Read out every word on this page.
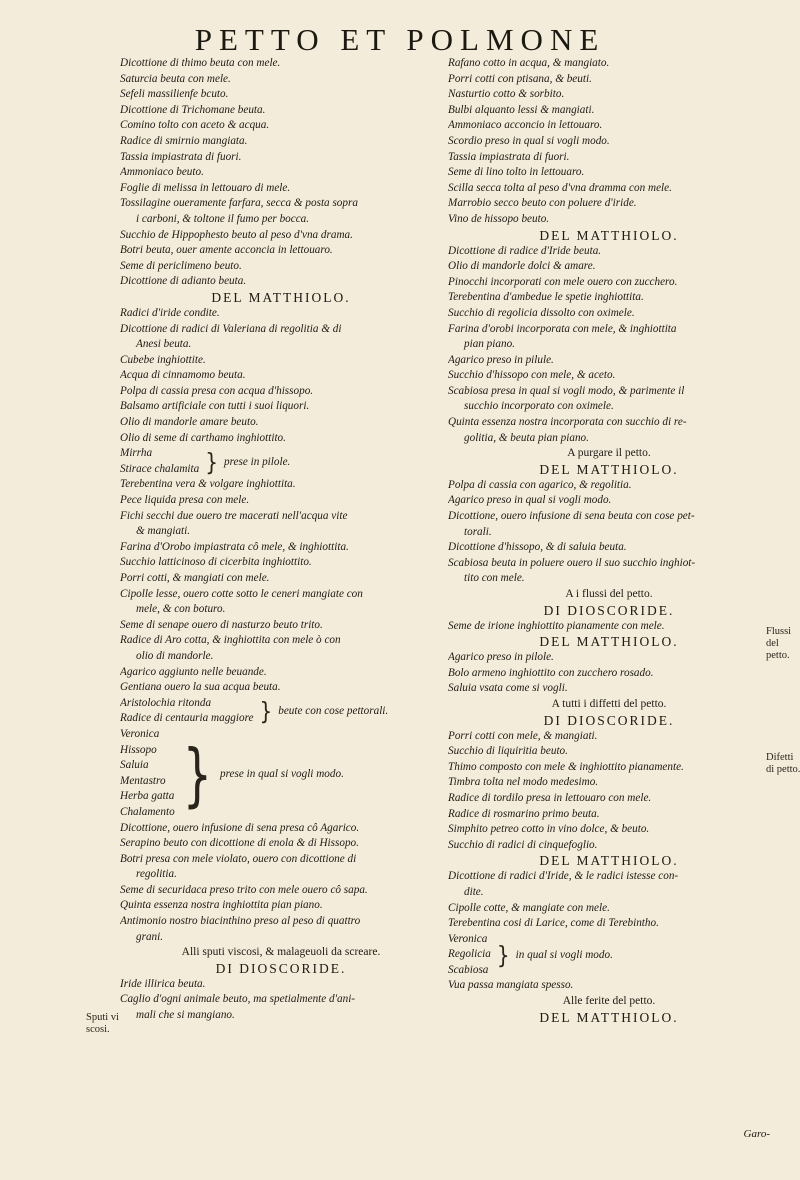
PETTO ET POLMONE
Dicottione di thimo beuta con mele.
Saturcia beuta con mele.
Sefeli massilienfe bcuto.
Dicottione di Trichomane beuta.
Comino tolto con aceto & acqua.
Radice di smirnio mangiata.
Tassia impiastrata di fuori.
Ammoniaco beuto.
Foglie di melissa in lettouaro di mele.
Tossilagine oueramente farfara, secca & posta sopra
i carboni, & toltone il fumo per bocca.
Succhio de Hippophesto beuto al peso d'vna drama.
Botri beuta, ouer amente acconcia in lettouaro.
Seme di periclimeno beuto.
Dicottione di adianto beuta.
DEL MATTHIOLO.
Radici d'iride condite.
Dicottione di radici di Valeriana di regolitia & di
Anesi beuta.
Cubebe inghiottite.
Acqua di cinnamomo beuta.
Polpa di cassia presa con acqua d'hissopo.
Balsamo artificiale con tutti i suoi liquori.
Olio di mandorle amare beuto.
Olio di seme di carthamo inghiottito.
Mirrha
Stirace chalamita } prese in pilole.
Terebentina vera & volgare inghiottita.
Pece liquida presa con mele.
Fichi secchi due ouero tre macerati nell'acqua vite
& mangiati.
Farina d'Orobo impiastrata cô mele, & inghiottita.
Succhio latticinoso di cicerbita inghiottito.
Porri cotti, & mangiati con mele.
Cipolle lesse, ouero cotte sotto le ceneri mangiate con
mele, & con boturo.
Seme di senape ouero di nasturzo beuto trito.
Radice di Aro cotta, & inghiottita con mele ò con
olio di mandorle.
Agarico aggiunto nelle beuande.
Gentiana ouero la sua acqua beuta.
Aristolochia ritonda
Radice di centauria maggiore } beute con cose pettorali.
Veronica
Hissopo
Saluia
Mentastro
Herba gatta
Chalamento } prese in qual si vogli modo.
Dicottione, ouero infusione di sena presa cô Agarico.
Serapino beuto con dicottione di enola & di Hissopo.
Botri presa con mele violato, ouero con dicottione di
regolitia.
Seme di securidaca preso trito con mele ouero cô sapa.
Quinta essenza nostra inghiottita pian piano.
Antimonio nostro biacinthino preso al peso di quattro
grani.
Alli sputi viscosi, & malageuoli da screare.
DI DIOSCORIDE.
Iride illirica beuta.
Caglio d'ogni animale beuto, ma spetialmente d'ani-
mali che si mangiano.
Rafano cotto in acqua, & mangiato.
Porri cotti con ptisana, & beuti.
Nasturtio cotto & sorbito.
Bulbi alquanto lessi & mangiati.
Ammoniaco acconcio in lettouaro.
Scordio preso in qual si vogli modo.
Tassia impiastrata di fuori.
Seme di lino tolto in lettouaro.
Scilla secca tolta al peso d'vna dramma con mele.
Marrobio secco beuto con poluere d'iride.
Vino de hissopo beuto.
DEL MATTHIOLO.
Dicottione di radice d'Iride beuta.
Olio di mandorle dolci & amare.
Pinocchi incorporati con mele ouero con zucchero.
Terebentina d'ambedue le spetie inghiottita.
Succhio di regolicia dissolto con oximele.
Farina d'orobi incorporata con mele, & inghiottita
pian piano.
Agarico preso in pilule.
Succhio d'hissopo con mele, & aceto.
Scabiosa presa in qual si vogli modo, & parimente il
succhio incorporato con oximele.
Quinta essenza nostra incorporata con succhio di re-
golitia, & beuta pian piano.
A purgare il petto.
DEL MATTHIOLO.
Polpa di cassia con agarico, & regolitia.
Agarico preso in qual si vogli modo.
Dicottione, ouero infusione di sena beuta con cose pet-
torali.
Dicottione d'hissopo, & di saluia beuta.
Scabiosa beuta in poluere ouero il suo succhio inghiot-
tito con mele.
A i flussi del petto.
DI DIOSCORIDE.
Seme de irione inghiottito pianamente con mele.
DEL MATTHIOLO.
Agarico preso in pilole.
Bolo armeno inghiottito con zucchero rosado.
Saluia vsata come si vogli.
A tutti i diffetti del petto.
DI DIOSCORIDE.
Porri cotti con mele, & mangiati.
Succhio di liquiritia beuto.
Thimo composto con mele & inghiottito pianamente.
Timbra tolta nel modo medesimo.
Radice di tordilo presa in lettouaro con mele.
Radice di rosmarino primo beuta.
Simphito petreo cotto in vino dolce, & beuto.
Succhio di radici di cinquefoglio.
DEL MATTHIOLO.
Dicottione di radici d'Iride, & le radici istesse con-
dite.
Cipolle cotte, & mangiate con mele.
Terebentina cosi di Larice, come di Terebintho.
Veronica
Regolicia
Scabiosa
} in qual si vogli modo.
Vua passa mangiata spesso.
Alle ferite del petto.
DEL MATTHIOLO.
Sputi vi scosi.
Flussi del petto.
Difetti di petto.
Garo-
